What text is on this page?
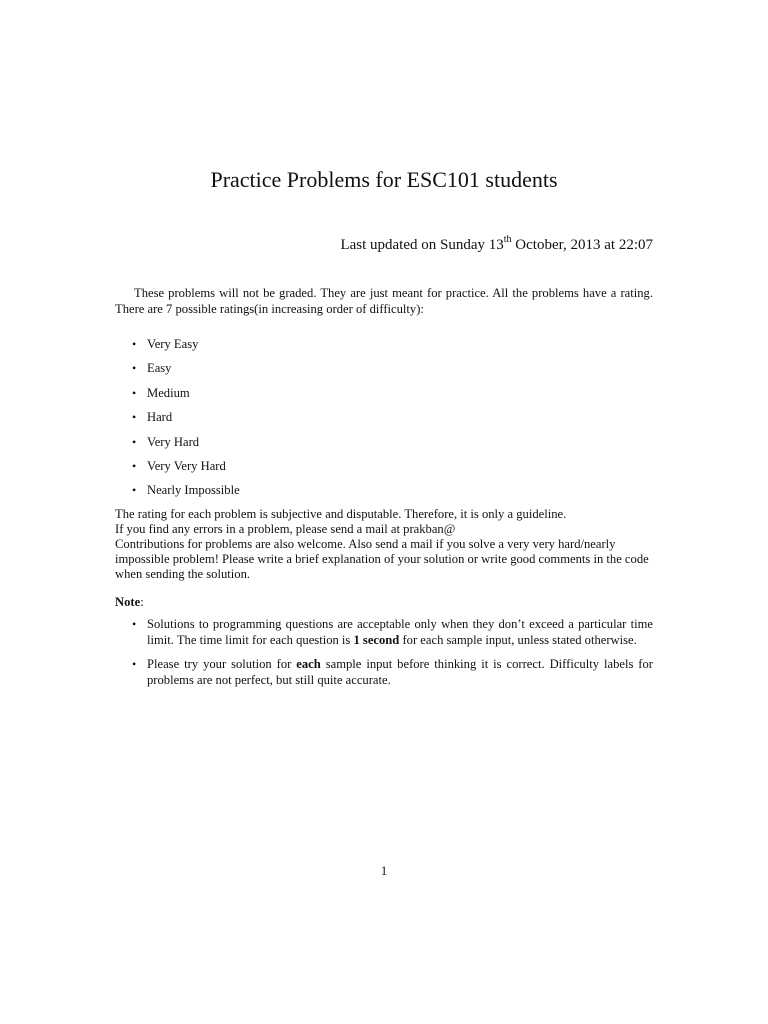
Practice Problems for ESC101 students
Last updated on Sunday 13th October, 2013 at 22:07
These problems will not be graded. They are just meant for practice. All the problems have a rating. There are 7 possible ratings(in increasing order of difficulty):
• Very Easy
• Easy
• Medium
• Hard
• Very Hard
• Very Very Hard
• Nearly Impossible
The rating for each problem is subjective and disputable. Therefore, it is only a guideline.
If you find any errors in a problem, please send a mail at prakban@
Contributions for problems are also welcome. Also send a mail if you solve a very very hard/nearly impossible problem! Please write a brief explanation of your solution or write good comments in the code when sending the solution.
Note:
• Solutions to programming questions are acceptable only when they don’t exceed a particular time limit. The time limit for each question is 1 second for each sample input, unless stated otherwise.
• Please try your solution for each sample input before thinking it is correct. Difficulty labels for problems are not perfect, but still quite accurate.
1
